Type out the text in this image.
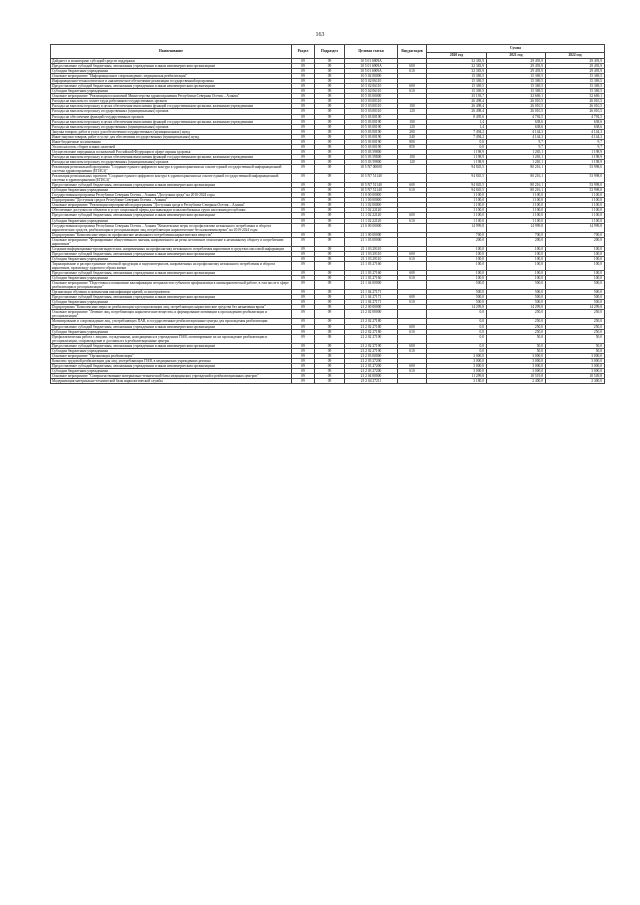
163
Наименование	Раздел	Подраздел	Целевая статья	Вид расходов	Сумма		
					2020 год	2021 год	2022 год
Дайджест и мониторинг субсидий средств поддержки	09	09	10 5 01 6909А		32 383,9	29 493,9	29 493,9
Предоставление субсидий бюджетным, автономным учреждениям и иным некоммерческим организациям	09	09	10 5 01 6909А	600	32 383,9	29 493,9	29 493,9
Субсидии бюджетным учреждениям	09	09	10 5 01 6909А	610	32 383,9	29 493,9	29 493,9
Основное мероприятие "Информационное сопровождение, медицинская реабилитация"	09	09	10 5 02 00000		15 369,5	15 369,5	15 369,5
Информационно-технологическое и аналитическое обеспечение реализации государственной программы	09	09	10 5 02 06110		15 369,5	15 369,5	15 369,5
Предоставление субсидий бюджетным, автономным учреждениям и иным некоммерческим организациям	09	09	10 5 02 06110	600	15 369,5	15 369,5	15 369,5
Субсидии бюджетным учреждениям	09	09	10 5 02 06110	610	15 369,5	15 369,5	15 369,5
Основное мероприятие "Реализация полномочий Министерства здравоохранения Республики Северная Осетия – Алания"	09	09	10 5 03 00000		35 193,7	32 669,1	32 669,1
Расходы на выплаты по оплате труда работников государственных органов	09	09	10 5 03 00110		26 498,4	26 010,5	26 010,5
Расходы на выплаты персоналу в целях обеспечения выполнения функций государственными органами, казенными учреждениями	09	09	10 5 03 00110	100	26 498,4	26 010,5	26 010,5
Расходы на выплаты персоналу государственных (муниципальных) органов	09	09	10 5 03 00110	120	26 498,4	26 010,5	26 010,5
Расходы на обеспечение функций государственных органов	09	09	10 5 03 00190		8 495,6	4 792,5	4 792,5
Расходы на выплаты персоналу в целях обеспечения выполнения функций государственными органами, казенными учреждениями	09	09	10 5 03 00190	100	1,4	638,6	638,6
Расходы на выплаты персоналу государственных (муниципальных) органов	09	09	10 5 03 00190	120	1,4	638,6	638,6
Закупка товаров, работ и услуг для обеспечения государственных (муниципальных) нужд	09	09	10 5 03 00190	200	7 494,2	4 144,3	4 144,3
Иные закупки товаров, работ и услуг для обеспечения государственных (муниципальных) нужд	09	09	10 5 03 00190	240	7 494,2	4 144,3	4 144,3
Иные бюджетные ассигнования	09	09	10 5 03 00190	800	0,0	9,7	9,7
Уплата налогов, сборов и иных платежей	09	09	10 5 03 00190	850	0,0	9,7	9,7
Осуществление переданных полномочий Российской Федерации в сфере охраны здоровья	09	09	10 5 03 59800		1 198,9	1 265,1	1 198,9
Расходы на выплаты персоналу в целях обеспечения выполнения функций государственными органами, казенными учреждениями	09	09	10 5 03 59800	100	1 198,9	1 265,1	1 198,9
Расходы на выплаты персоналу государственных (муниципальных) органов	09	09	10 5 03 59800	120	1 198,9	1 265,1	1 198,9
Реализация региональной программы "Создание единого цифрового контура в здравоохранении на основе единой государственной информационной системы здравоохранения (ЕГИСЗ)"	09	09	10 5 N7 00000		94 845,5	80 216,1	53 998,0
Реализация региональных проектов "Создание единого цифрового контура в здравоохранении на основе единой государственной информационной системы в здравоохранении (ЕГИСЗ)"	09	09	10 5 N7 51140		94 845,5	80 216,1	53 998,0
Предоставление субсидий бюджетным, автономным учреждениям и иным некоммерческим организациям	09	09	10 5 N7 51140	600	94 845,5	80 216,1	53 998,0
Субсидии бюджетным учреждениям	09	09	10 5 N7 51140	610	94 845,5	80 216,1	53 998,0
Государственная программа Республики Северная Осетия – Алания "Доступная среда" на 2016-2024 годы	09	09	11 0 00 00000		1 100,0	1 100,0	1 100,0
Подпрограмма "Доступная среда в Республике Северная Осетия – Алания"	09	09	11 1 00 00000		1 100,0	1 100,0	1 100,0
Основное мероприятие "Реализация мероприятий подпрограммы "Доступная среда в Республике Северная Осетия – Алания"	09	09	11 1 02 00000		1 100,0	1 100,0	1 100,0
Обеспечение доступности объектов и услуг социальной сферы для инвалидов и маломобильных групп населения республики	09	09	11 1 02 22120		1 100,0	1 100,0	1 100,0
Предоставление субсидий бюджетным, автономным учреждениям и иным некоммерческим организациям	09	09	11 1 02 22120	600	1 100,0	1 100,0	1 100,0
Субсидии бюджетным учреждениям	09	09	11 1 02 22120	610	1 100,0	1 100,0	1 100,0
Государственная программа Республики Северная Осетия – Алания "Комплексные меры по профилактике незаконного потребления и оборота наркотических средств, реабилитации и ресоциализации лиц, потребляющих наркотические без назначения врача" на 2019-2024 годы	09	09	21 0 00 00000		14 999,8	14 999,8	14 999,8
Подпрограмма "Комплексные меры по профилактике незаконного потребления наркотических веществ"	09	09	21 1 00 00000		700,0	700,0	700,0
Основное мероприятие "Формирование общественного мнения, направленного на резко негативное отношение к незаконному обороту и потреблению наркотиков"	09	09	21 1 03 00000		200,0	200,0	200,0
Создание информационно-пропагандистских, направленных на профилактику незаконного потребления наркотиков в средствах массовой информации	09	09	21 1 03 29110		100,0	100,0	100,0
Предоставление субсидий бюджетным, автономным учреждениям и иным некоммерческим организациям	09	09	21 1 03 29110	600	100,0	100,0	100,0
Субсидии бюджетным учреждениям	09	09	21 1 03 29110	610	100,0	100,0	100,0
Тиражирование и распространение печатной продукции и видеоматериалов, направленных на профилактику незаконного потребления и оборота наркотиков, пропаганду здорового образа жизни	09	09	21 1 03 27160		100,0	100,0	100,0
Предоставление субсидий бюджетным, автономным учреждениям и иным некоммерческим организациям	09	09	21 1 03 27160	600	100,0	100,0	100,0
Субсидии бюджетным учреждениям	09	09	21 1 03 27160	610	100,0	100,0	100,0
Основное мероприятие "Подготовка и повышение квалификации специалистов субъектов профилактики в антинаркотической работе, в том числе в сфере реабилитации и ресоциализации"	09	09	21 1 04 00000		500,0	500,0	500,0
Организация обучения и повышения квалификации врачей, психотерапевтов	09	09	21 1 04 27171		500,0	500,0	500,0
Предоставление субсидий бюджетным, автономным учреждениям и иным некоммерческим организациям	09	09	21 1 04 27171	600	500,0	500,0	500,0
Субсидии бюджетным учреждениям	09	09	21 1 04 27171	610	500,0	500,0	500,0
Подпрограмма "Комплексные меры по реабилитации и ресоциализации лиц, потребляющих наркотические средства без назначения врача"	09	09	21 2 00 00000		14 299,8	14 299,8	14 299,8
Основное мероприятие "Лечение лиц, потребляющих наркотические вещества, и формирование мотивации к прохождению реабилитации и ресоциализации"	09	09	21 2 02 00000		0,0	250,0	250,0
Мотивирование и сопровождение лиц, употребляющих ПАВ, в государственные реабилитационные центры для прохождения реабилитации	09	09	21 2 02 27180		0,0	250,0	250,0
Предоставление субсидий бюджетным, автономным учреждениям и иным некоммерческим организациям	09	09	21 2 02 27180	600	0,0	250,0	250,0
Субсидии бюджетным учреждениям	09	09	21 2 02 27180	610	0,0	250,0	250,0
Профилактическая работа с лицами, осужденными, находящимися в учреждениях ПАВ, мотивирование их на прохождение реабилитации и ресоциализации, сопровождение и доставка их в реабилитационные центры	09	09	21 2 02 27190		0,0	50,0	50,0
Предоставление субсидий бюджетным, автономным учреждениям и иным некоммерческим организациям	09	09	21 2 02 27190	600	0,0	50,0	50,0
Субсидии бюджетным учреждениям	09	09	21 2 02 27190	610	0,0	50,0	50,0
Основное мероприятие "Организация реабилитации"	09	09	21 2 03 00000		3 000,0	3 000,0	3 000,0
Комплекс трудовой реабилитации для лиц, употребляющих ПАВ, в медицинских учреждениях региона	09	09	21 2 03 27200		3 000,0	3 000,0	3 000,0
Предоставление субсидий бюджетным, автономным учреждениям и иным некоммерческим организациям	09	09	21 2 03 27200	600	3 000,0	3 000,0	3 000,0
Субсидии бюджетным учреждениям	09	09	21 2 03 27200	610	3 000,0	3 000,0	3 000,0
Основное мероприятие "Совершенствование материально-технической базы медицинских учреждений и реабилитационных центров"	09	09	21 2 04 00000		11 299,8	10 519,8	10 549,8
Модернизация материально-технической базы наркологической службы	09	09	21 2 04 27211		3 180,0	2 400,0	2 400,0
